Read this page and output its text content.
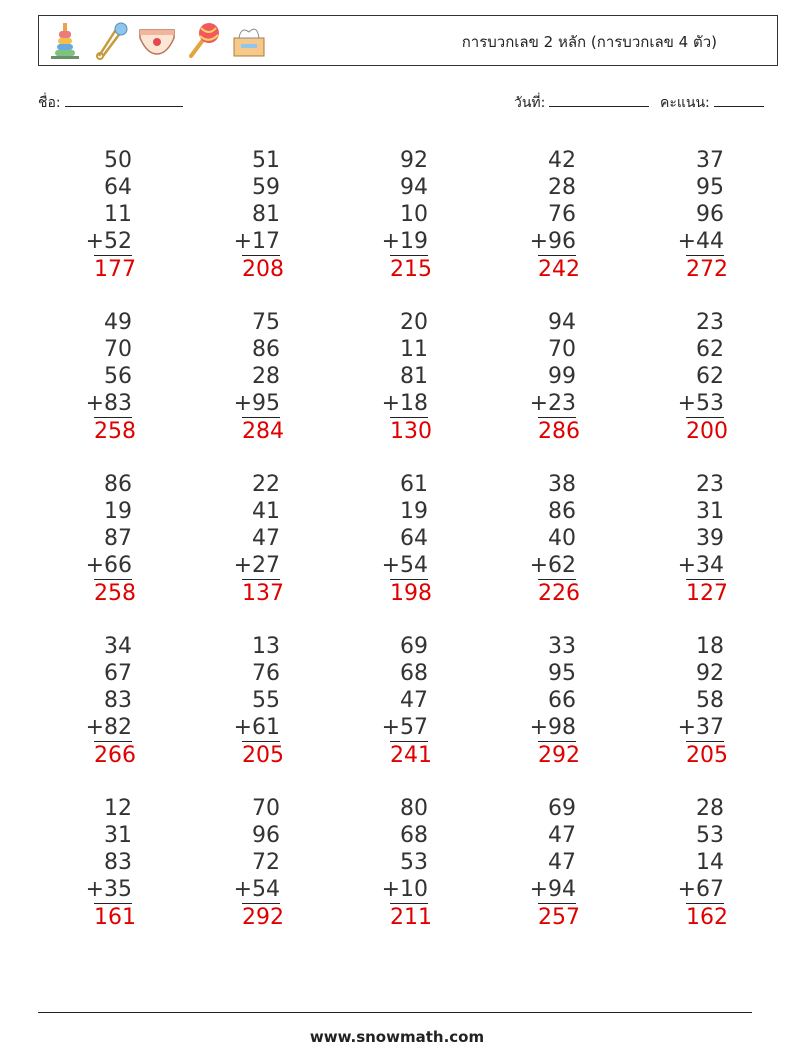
การบวกเลข 2 หลัก (การบวกเลข 4 ตัว)
ชื่อ:	วันที่:	คะแนน:
50
64
11
+52
177
51
59
81
+17
208
92
94
10
+19
215
42
28
76
+96
242
37
95
96
+44
272
49
70
56
+83
258
75
86
28
+95
284
20
11
81
+18
130
94
70
99
+23
286
23
62
62
+53
200
86
19
87
+66
258
22
41
47
+27
137
61
19
64
+54
198
38
86
40
+62
226
23
31
39
+34
127
34
67
83
+82
266
13
76
55
+61
205
69
68
47
+57
241
33
95
66
+98
292
18
92
58
+37
205
12
31
83
+35
161
70
96
72
+54
292
80
68
53
+10
211
69
47
47
+94
257
28
53
14
+67
162
www.snowmath.com
